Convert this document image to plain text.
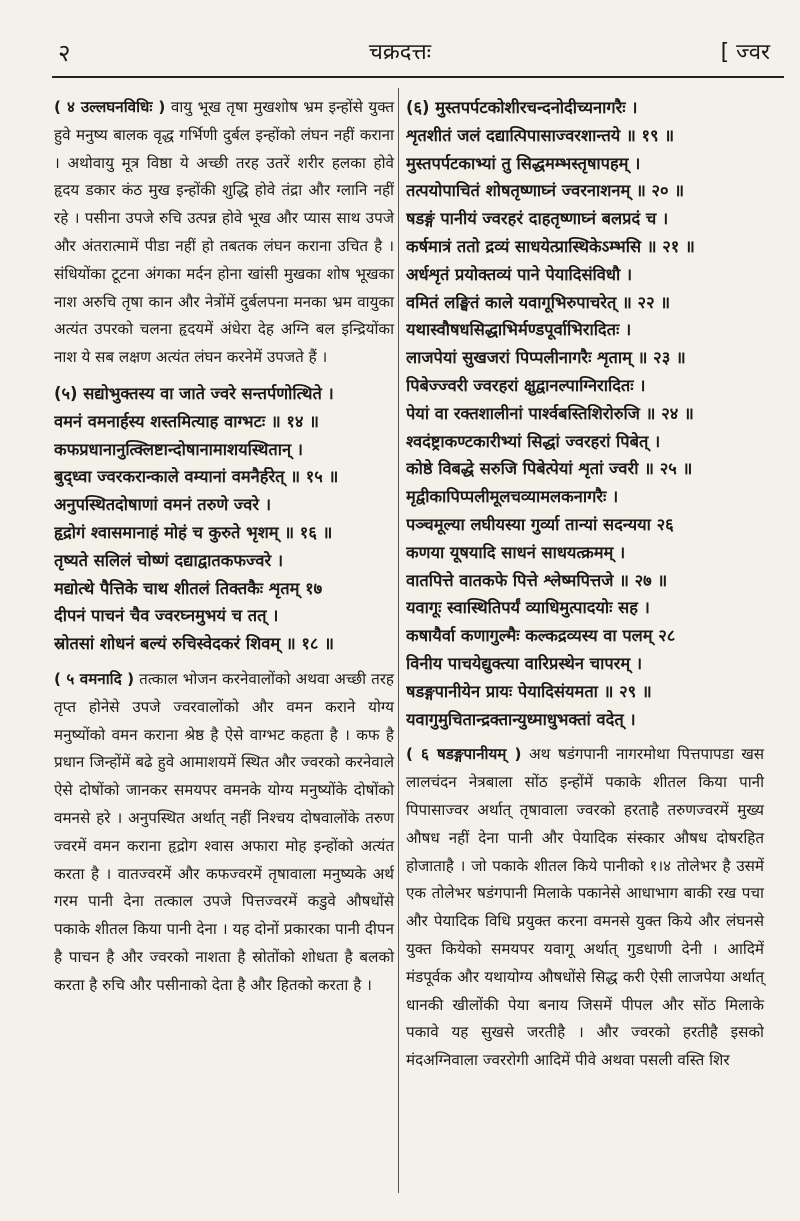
२	चक्रदत्तः	[ ज्वर

( ४ उल्लघनविधिः ) वायु भूख तृषा मुखशोष भ्रम इन्होंसे युक्त हुवे मनुष्य बालक वृद्ध गर्भिणी दुर्बल इन्होंको लंघन नहीं कराना । अथोवायु मूत्र विष्ठा ये अच्छी तरह उतरें शरीर हलका होवे हृदय डकार कंठ मुख इन्होंकी शुद्धि होवे तंद्रा और ग्लानि नहीं रहे । पसीना उपजे रुचि उत्पन्न होवे भूख और प्यास साथ उपजे और अंतरात्मामें पीडा नहीं हो तबतक लंघन कराना उचित है । संधियोंका टूटना अंगका मर्दन होना खांसी मुखका शोष भूखका नाश अरुचि तृषा कान और नेत्रोंमें दुर्बलपना मनका भ्रम वायुका अत्यंत उपरको चलना हृदयमें अंधेरा देह अग्नि बल इन्द्रियोंका नाश ये सब लक्षण अत्यंत लंघन करनेमें उपजते हैं ।

(५) सद्योभुक्तस्य वा जाते ज्वरे सन्तर्पणोत्थिते ।
वमनं वमनार्हस्य शस्तमित्याह वाग्भटः ॥ १४ ॥
कफप्रधानानुत्क्लिष्टान्दोषानामाशयस्थितान् ।
बुद्ध्वा ज्वरकरान्काले वम्यानां वमनैर्हरेत् ॥ १५ ॥
अनुपस्थितदोषाणां वमनं तरुणे ज्वरे ।
हृद्रोगं श्वासमानाहं मोहं च कुरुते भृशम् ॥ १६ ॥
तृष्यते सलिलं चोष्णं दद्याद्वातकफज्वरे ।
मद्योत्थे पैत्तिके चाथ शीतलं तिक्तकैः शृतम् १७
दीपनं पाचनं चैव ज्वरघ्नमुभयं च तत् ।
स्रोतसां शोधनं बल्यं रुचिस्वेदकरं शिवम् ॥ १८ ॥

( ५ वमनादि ) तत्काल भोजन करनेवालोंको अथवा अच्छी तरह तृप्त होनेसे उपजे ज्वरवालोंको और वमन कराने योग्य मनुष्योंको वमन कराना श्रेष्ठ है ऐसे वाग्भट कहता है । कफ है प्रधान जिन्होंमें बढे हुवे आमाशयमें स्थित और ज्वरको करनेवाले ऐसे दोषोंको जानकर समयपर वमनके योग्य मनुष्योंके दोषोंको वमनसे हरे । अनुपस्थित अर्थात् नहीं निश्चय दोषवालोंके तरुण ज्वरमें वमन कराना हृद्रोग श्वास अफारा मोह इन्होंको अत्यंत करता है । वातज्वरमें और कफज्वरमें तृषावाला मनुष्यके अर्थ गरम पानी देना तत्काल उपजे पित्तज्वरमें कडुवे औषधोंसे पकाके शीतल किया पानी देना । यह दोनों प्रकारका पानी दीपन है पाचन है और ज्वरको नाशता है स्रोतोंको शोधता है बलको करता है रुचि और पसीनाको देता है और हितको करता है ।

(६) मुस्तपर्पटकोशीरचन्दनोदीच्यनागरैः ।
शृतशीतं जलं दद्यात्पिपासाज्वरशान्तये ॥ १९ ॥
मुस्तपर्पटकाभ्यां तु सिद्धमम्भस्तृषापहम् ।
तत्पयोपाचितं शोषतृष्णाघ्नं ज्वरनाशनम् ॥ २० ॥
षडङ्गं पानीयं ज्वरहरं दाहतृष्णाघ्नं बलप्रदं च ।
कर्षमात्रं ततो द्रव्यं साधयेत्प्रास्थिकेऽम्भसि ॥ २१ ॥
अर्धशृतं प्रयोक्तव्यं पाने पेयादिसंविधौ ।
वमितं लङ्घितं काले यवागूभिरुपाचरेत् ॥ २२ ॥
यथास्वौषधसिद्धाभिर्मण्डपूर्वाभिरादितः ।
लाजपेयां सुखजरां पिप्पलीनागरैः शृताम् ॥ २३ ॥
पिबेज्ज्वरी ज्वरहरां क्षुद्वानल्पाग्निरादितः ।
पेयां वा रक्तशालीनां पार्श्वबस्तिशिरोरुजि ॥ २४ ॥
श्वदंष्ट्राकण्टकारीभ्यां सिद्धां ज्वरहरां पिबेत् ।
कोष्ठे विबद्धे सरुजि पिबेत्पेयां शृतां ज्वरी ॥ २५ ॥
मृद्वीकापिप्पलीमूलचव्यामलकनागरैः ।
पञ्चमूल्या लघीयस्या गुर्व्या तान्यां सदन्यया २६
कणया यूषयादि साधनं साधयत्क्रमम् ।
वातपित्ते वातकफे पित्ते श्लेष्मपित्तजे ॥ २७ ॥
यवागूः स्वास्थितिपर्यं व्याधिमुत्पादयोः सह ।
कषायैर्वा कणागुल्मैः कल्कद्रव्यस्य वा पलम् २८
विनीय पाचयेद्युक्त्या वारिप्रस्थेन चापरम् ।
षडङ्गपानीयेन प्रायः पेयादिसंयमता ॥ २९ ॥
यवागुमुचितान्द्रक्तान्युध्माधुभक्तां वदेत् ।

( ६ षडङ्गपानीयम् ) अथ षडंगपानी नागरमोथा पित्तपापडा खस लालचंदन नेत्रबाला सोंठ इन्होंमें पकाके शीतल किया पानी पिपासाज्वर अर्थात् तृषावाला ज्वरको हरताहै तरुणज्वरमें मुख्य औषध नहीं देना पानी और पेयादिक संस्कार औषध दोषरहित होजाताहै । जो पकाके शीतल किये पानीको १।४ तोलेभर है उसमें एक तोलेभर षडंगपानी मिलाके पकानेसे आधाभाग बाकी रख पचा और पेयादिक विधि प्रयुक्त करना वमनसे युक्त किये और लंघनसे युक्त कियेको समयपर यवागू अर्थात् गुडधाणी देनी । आदिमें मंडपूर्वक और यथायोग्य औषधोंसे सिद्ध करी ऐसी लाजपेया अर्थात् धानकी खीलोंकी पेया बनाय जिसमें पीपल और सोंठ मिलाके पकावे यह सुखसे जरतीहै । और ज्वरको हरतीहै इसको मंदअग्निवाला ज्वररोगी आदिमें पीवे अथवा पसली वस्ति शिर
